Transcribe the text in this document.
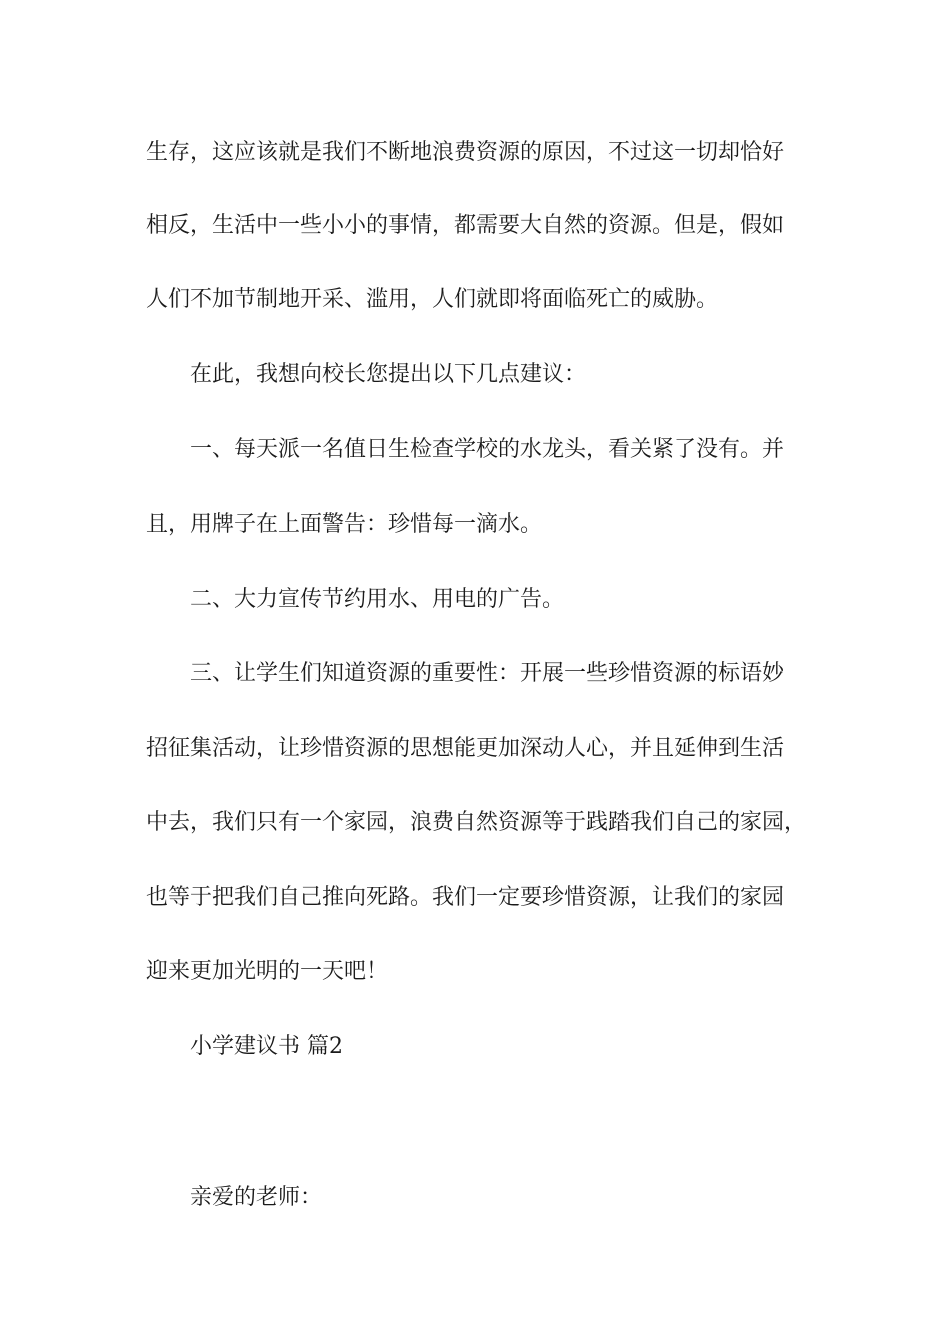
生存，这应该就是我们不断地浪费资源的原因，不过这一切却恰好
相反，生活中一些小小的事情，都需要大自然的资源。但是，假如
人们不加节制地开采、滥用，人们就即将面临死亡的威胁。
在此，我想向校长您提出以下几点建议：
一、每天派一名值日生检查学校的水龙头，看关紧了没有。并
且，用牌子在上面警告：珍惜每一滴水。
二、大力宣传节约用水、用电的广告。
三、让学生们知道资源的重要性：开展一些珍惜资源的标语妙
招征集活动，让珍惜资源的思想能更加深动人心，并且延伸到生活
中去，我们只有一个家园，浪费自然资源等于践踏我们自己的家园，
也等于把我们自己推向死路。我们一定要珍惜资源，让我们的家园
迎来更加光明的一天吧！
小学建议书 篇2
亲爱的老师：
